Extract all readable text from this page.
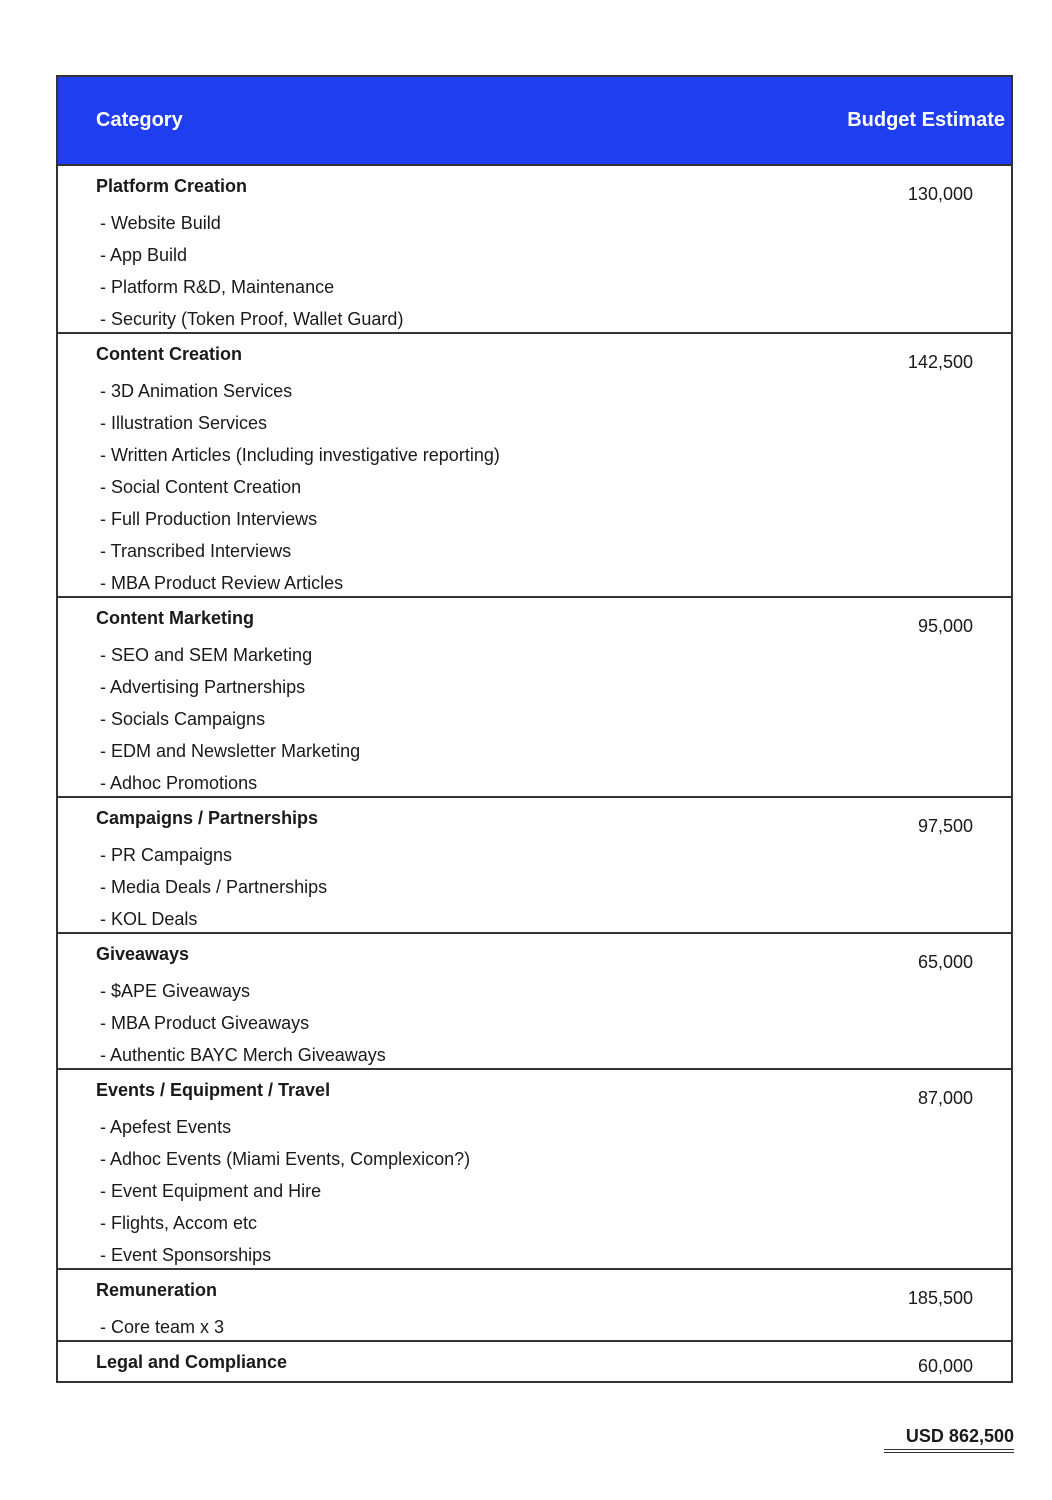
Category	Budget Estimate
Platform Creation	130,000
- Website Build
- App Build
- Platform R&D, Maintenance
- Security (Token Proof, Wallet Guard)
Content Creation	142,500
- 3D Animation Services
- Illustration Services
- Written Articles (Including investigative reporting)
- Social Content Creation
- Full Production Interviews
- Transcribed Interviews
- MBA Product Review Articles
Content Marketing	95,000
- SEO and SEM Marketing
- Advertising Partnerships
- Socials Campaigns
- EDM and Newsletter Marketing
- Adhoc Promotions
Campaigns / Partnerships	97,500
- PR Campaigns
- Media Deals / Partnerships
- KOL Deals
Giveaways	65,000
- $APE Giveaways
- MBA Product Giveaways
- Authentic BAYC Merch Giveaways
Events / Equipment / Travel	87,000
- Apefest Events
- Adhoc Events (Miami Events, Complexicon?)
- Event Equipment and Hire
- Flights, Accom etc
- Event Sponsorships
Remuneration	185,500
- Core team x 3
Legal and Compliance	60,000
USD 862,500
